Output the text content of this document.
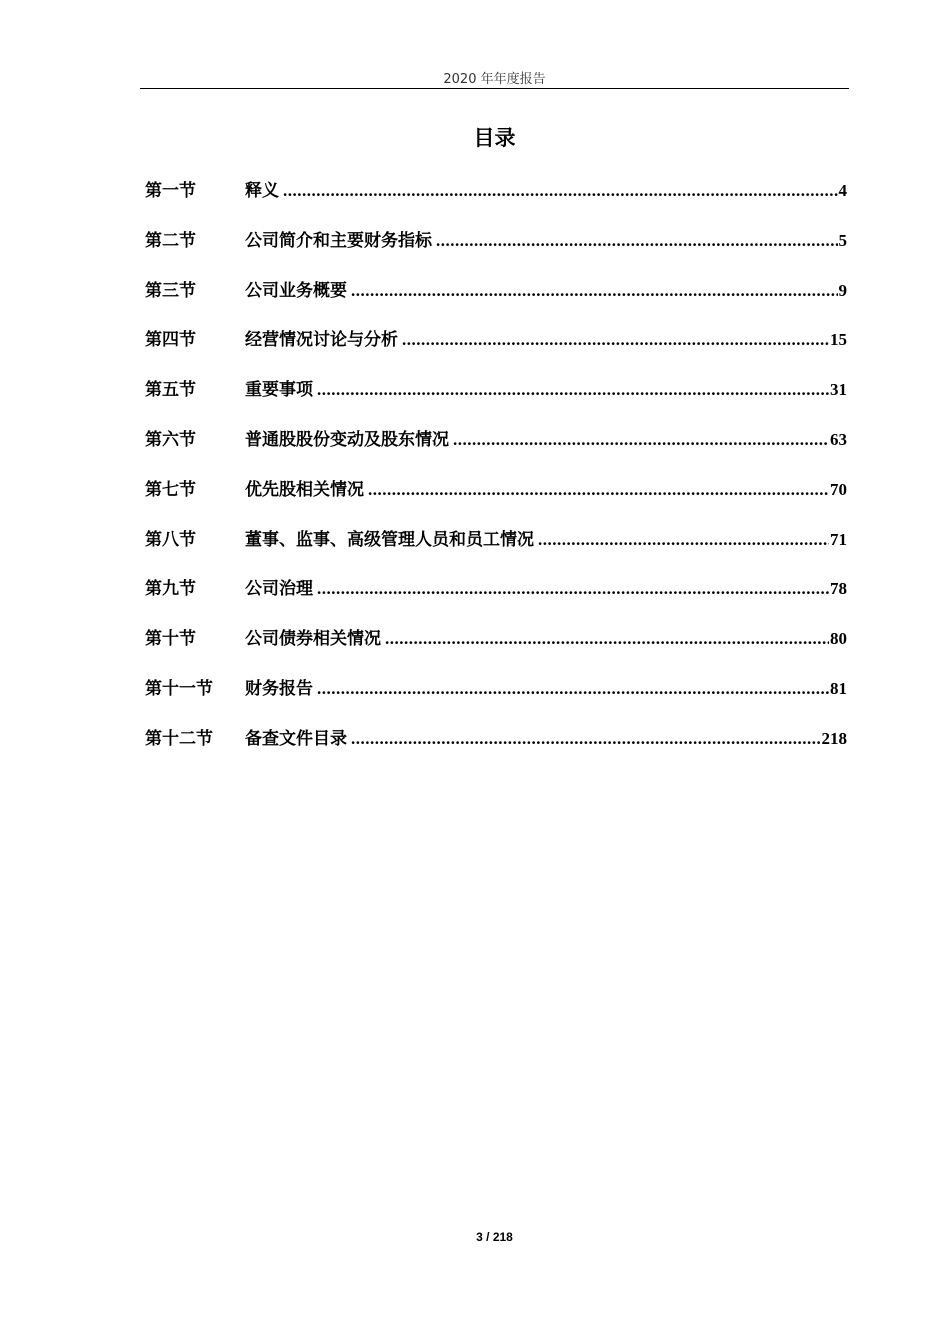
2020 年年度报告
目录
第一节	释义 .....	4
第二节	公司简介和主要财务指标 .....	5
第三节	公司业务概要 .....	9
第四节	经营情况讨论与分析 .....	15
第五节	重要事项 .....	31
第六节	普通股股份变动及股东情况 .....	63
第七节	优先股相关情况 .....	70
第八节	董事、监事、高级管理人员和员工情况 .....	71
第九节	公司治理 .....	78
第十节	公司债券相关情况 .....	80
第十一节	财务报告 .....	81
第十二节	备查文件目录 .....	218
3 / 218
